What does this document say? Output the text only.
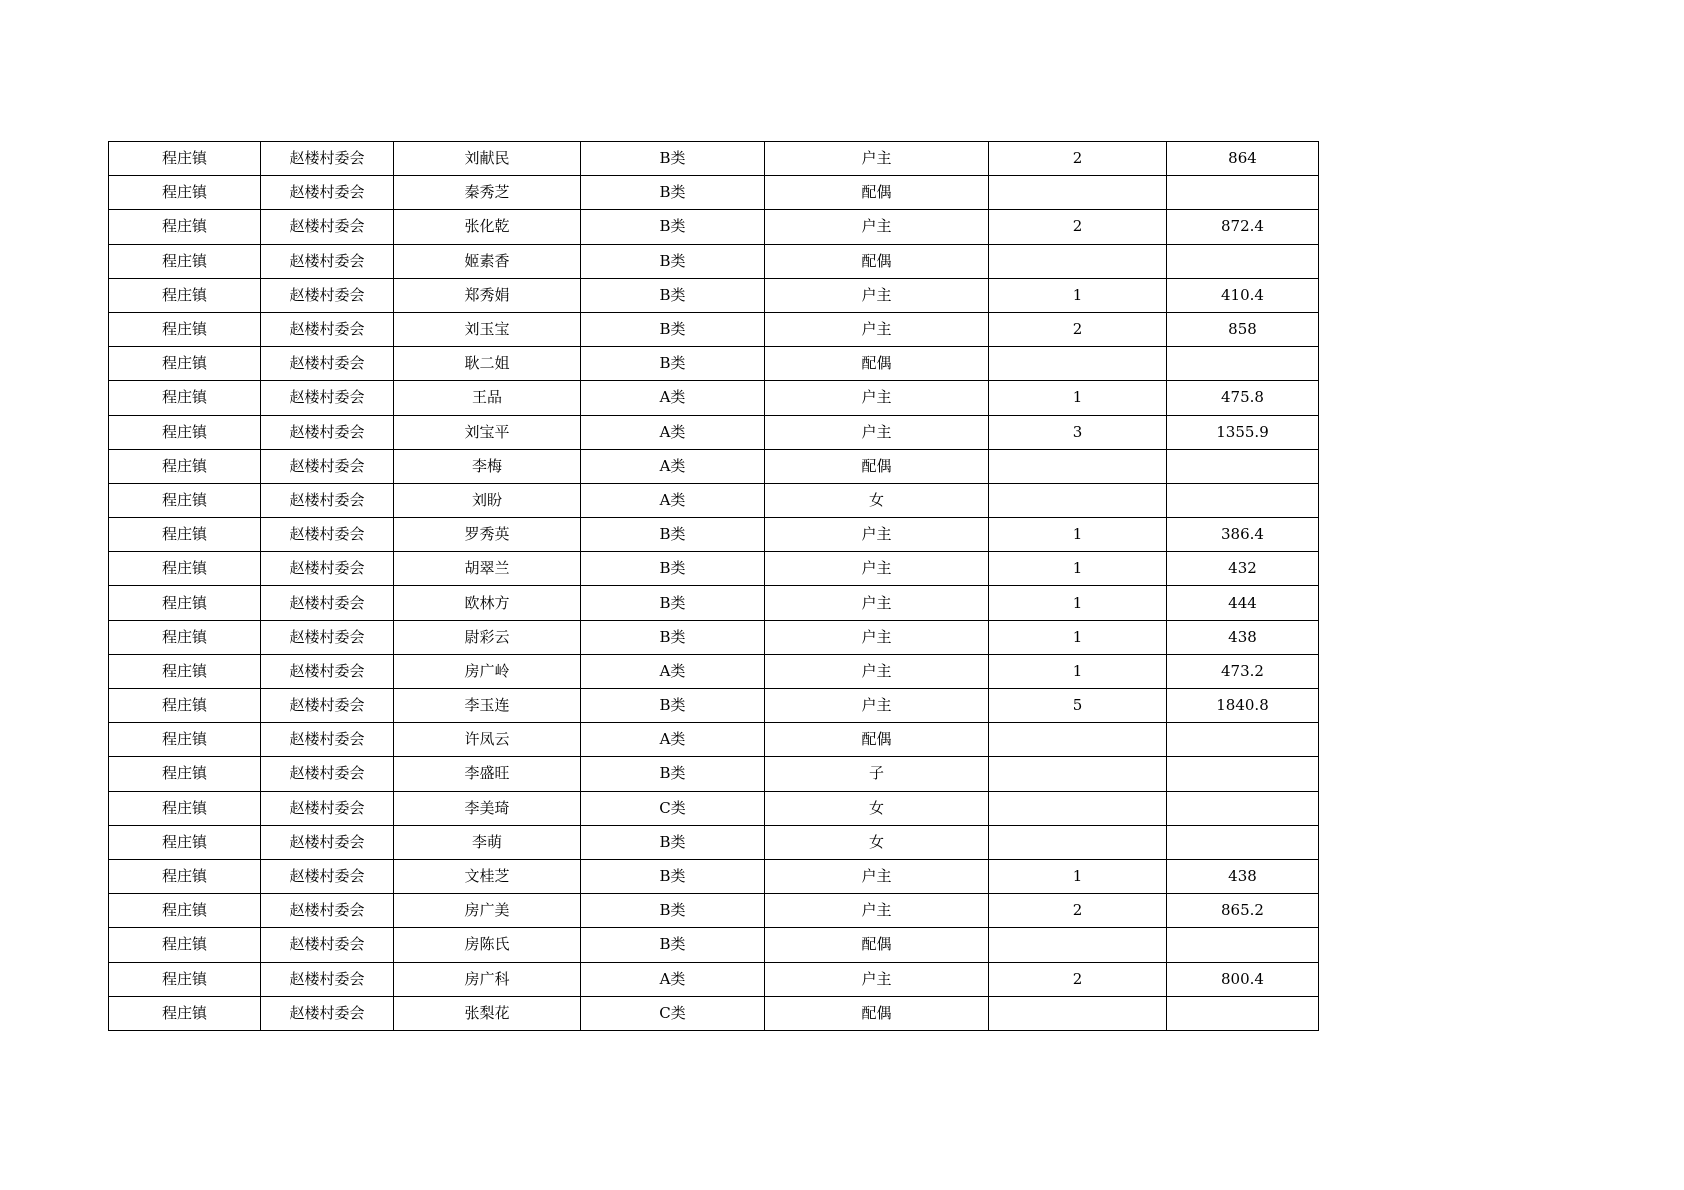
程庄镇	赵楼村委会	刘献民	B类	户主	2	864
程庄镇	赵楼村委会	秦秀芝	B类	配偶		
程庄镇	赵楼村委会	张化乾	B类	户主	2	872.4
程庄镇	赵楼村委会	姬素香	B类	配偶		
程庄镇	赵楼村委会	郑秀娟	B类	户主	1	410.4
程庄镇	赵楼村委会	刘玉宝	B类	户主	2	858
程庄镇	赵楼村委会	耿二姐	B类	配偶		
程庄镇	赵楼村委会	王品	A类	户主	1	475.8
程庄镇	赵楼村委会	刘宝平	A类	户主	3	1355.9
程庄镇	赵楼村委会	李梅	A类	配偶		
程庄镇	赵楼村委会	刘盼	A类	女		
程庄镇	赵楼村委会	罗秀英	B类	户主	1	386.4
程庄镇	赵楼村委会	胡翠兰	B类	户主	1	432
程庄镇	赵楼村委会	欧林方	B类	户主	1	444
程庄镇	赵楼村委会	尉彩云	B类	户主	1	438
程庄镇	赵楼村委会	房广岭	A类	户主	1	473.2
程庄镇	赵楼村委会	李玉连	B类	户主	5	1840.8
程庄镇	赵楼村委会	许凤云	A类	配偶		
程庄镇	赵楼村委会	李盛旺	B类	子		
程庄镇	赵楼村委会	李美琦	C类	女		
程庄镇	赵楼村委会	李萌	B类	女		
程庄镇	赵楼村委会	文桂芝	B类	户主	1	438
程庄镇	赵楼村委会	房广美	B类	户主	2	865.2
程庄镇	赵楼村委会	房陈氏	B类	配偶		
程庄镇	赵楼村委会	房广科	A类	户主	2	800.4
程庄镇	赵楼村委会	张梨花	C类	配偶		
